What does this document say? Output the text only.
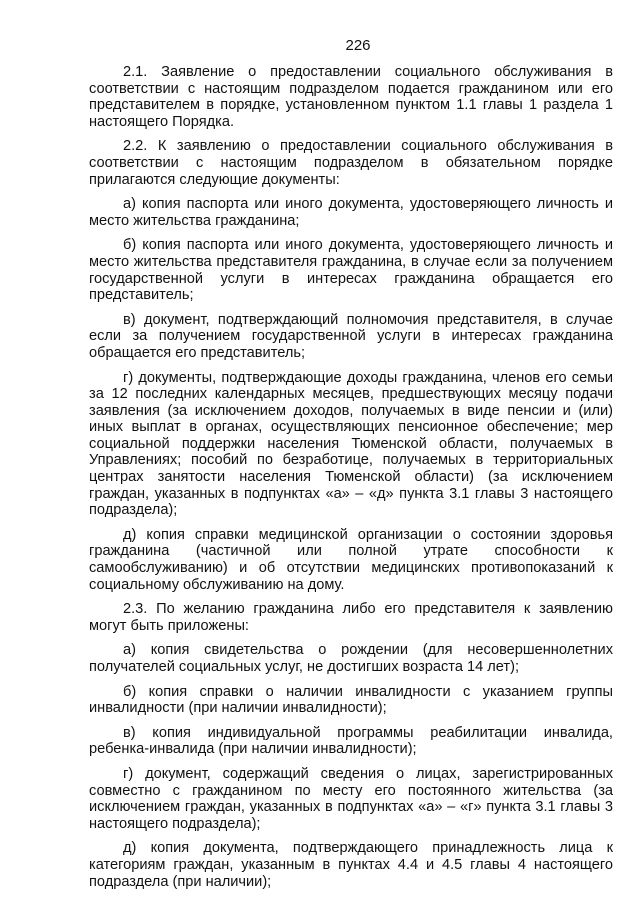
226

2.1. Заявление о предоставлении социального обслуживания в соответствии с настоящим подразделом подается гражданином или его представителем в порядке, установленном пунктом 1.1 главы 1 раздела 1 настоящего Порядка.

2.2. К заявлению о предоставлении социального обслуживания в соответствии с настоящим подразделом в обязательном порядке прилагаются следующие документы:

а) копия паспорта или иного документа, удостоверяющего личность и место жительства гражданина;

б) копия паспорта или иного документа, удостоверяющего личность и место жительства представителя гражданина, в случае если за получением государственной услуги в интересах гражданина обращается его представитель;

в) документ, подтверждающий полномочия представителя, в случае если за получением государственной услуги в интересах гражданина обращается его представитель;

г) документы, подтверждающие доходы гражданина, членов его семьи за 12 последних календарных месяцев, предшествующих месяцу подачи заявления (за исключением доходов, получаемых в виде пенсии и (или) иных выплат в органах, осуществляющих пенсионное обеспечение; мер социальной поддержки населения Тюменской области, получаемых в Управлениях; пособий по безработице, получаемых в территориальных центрах занятости населения Тюменской области) (за исключением граждан, указанных в подпунктах «а» – «д» пункта 3.1 главы 3 настоящего подраздела);

д) копия справки медицинской организации о состоянии здоровья гражданина (частичной или полной утрате способности к самообслуживанию) и об отсутствии медицинских противопоказаний к социальному обслуживанию на дому.

2.3. По желанию гражданина либо его представителя к заявлению могут быть приложены:

а) копия свидетельства о рождении (для несовершеннолетних получателей социальных услуг, не достигших возраста 14 лет);

б) копия справки о наличии инвалидности с указанием группы инвалидности (при наличии инвалидности);

в) копия индивидуальной программы реабилитации инвалида, ребенка-инвалида (при наличии инвалидности);

г) документ, содержащий сведения о лицах, зарегистрированных совместно с гражданином по месту его постоянного жительства (за исключением граждан, указанных в подпунктах «а» – «г» пункта 3.1 главы 3 настоящего подраздела);

д) копия документа, подтверждающего принадлежность лица к категориям граждан, указанным в пунктах 4.4 и 4.5 главы 4 настоящего подраздела (при наличии);
